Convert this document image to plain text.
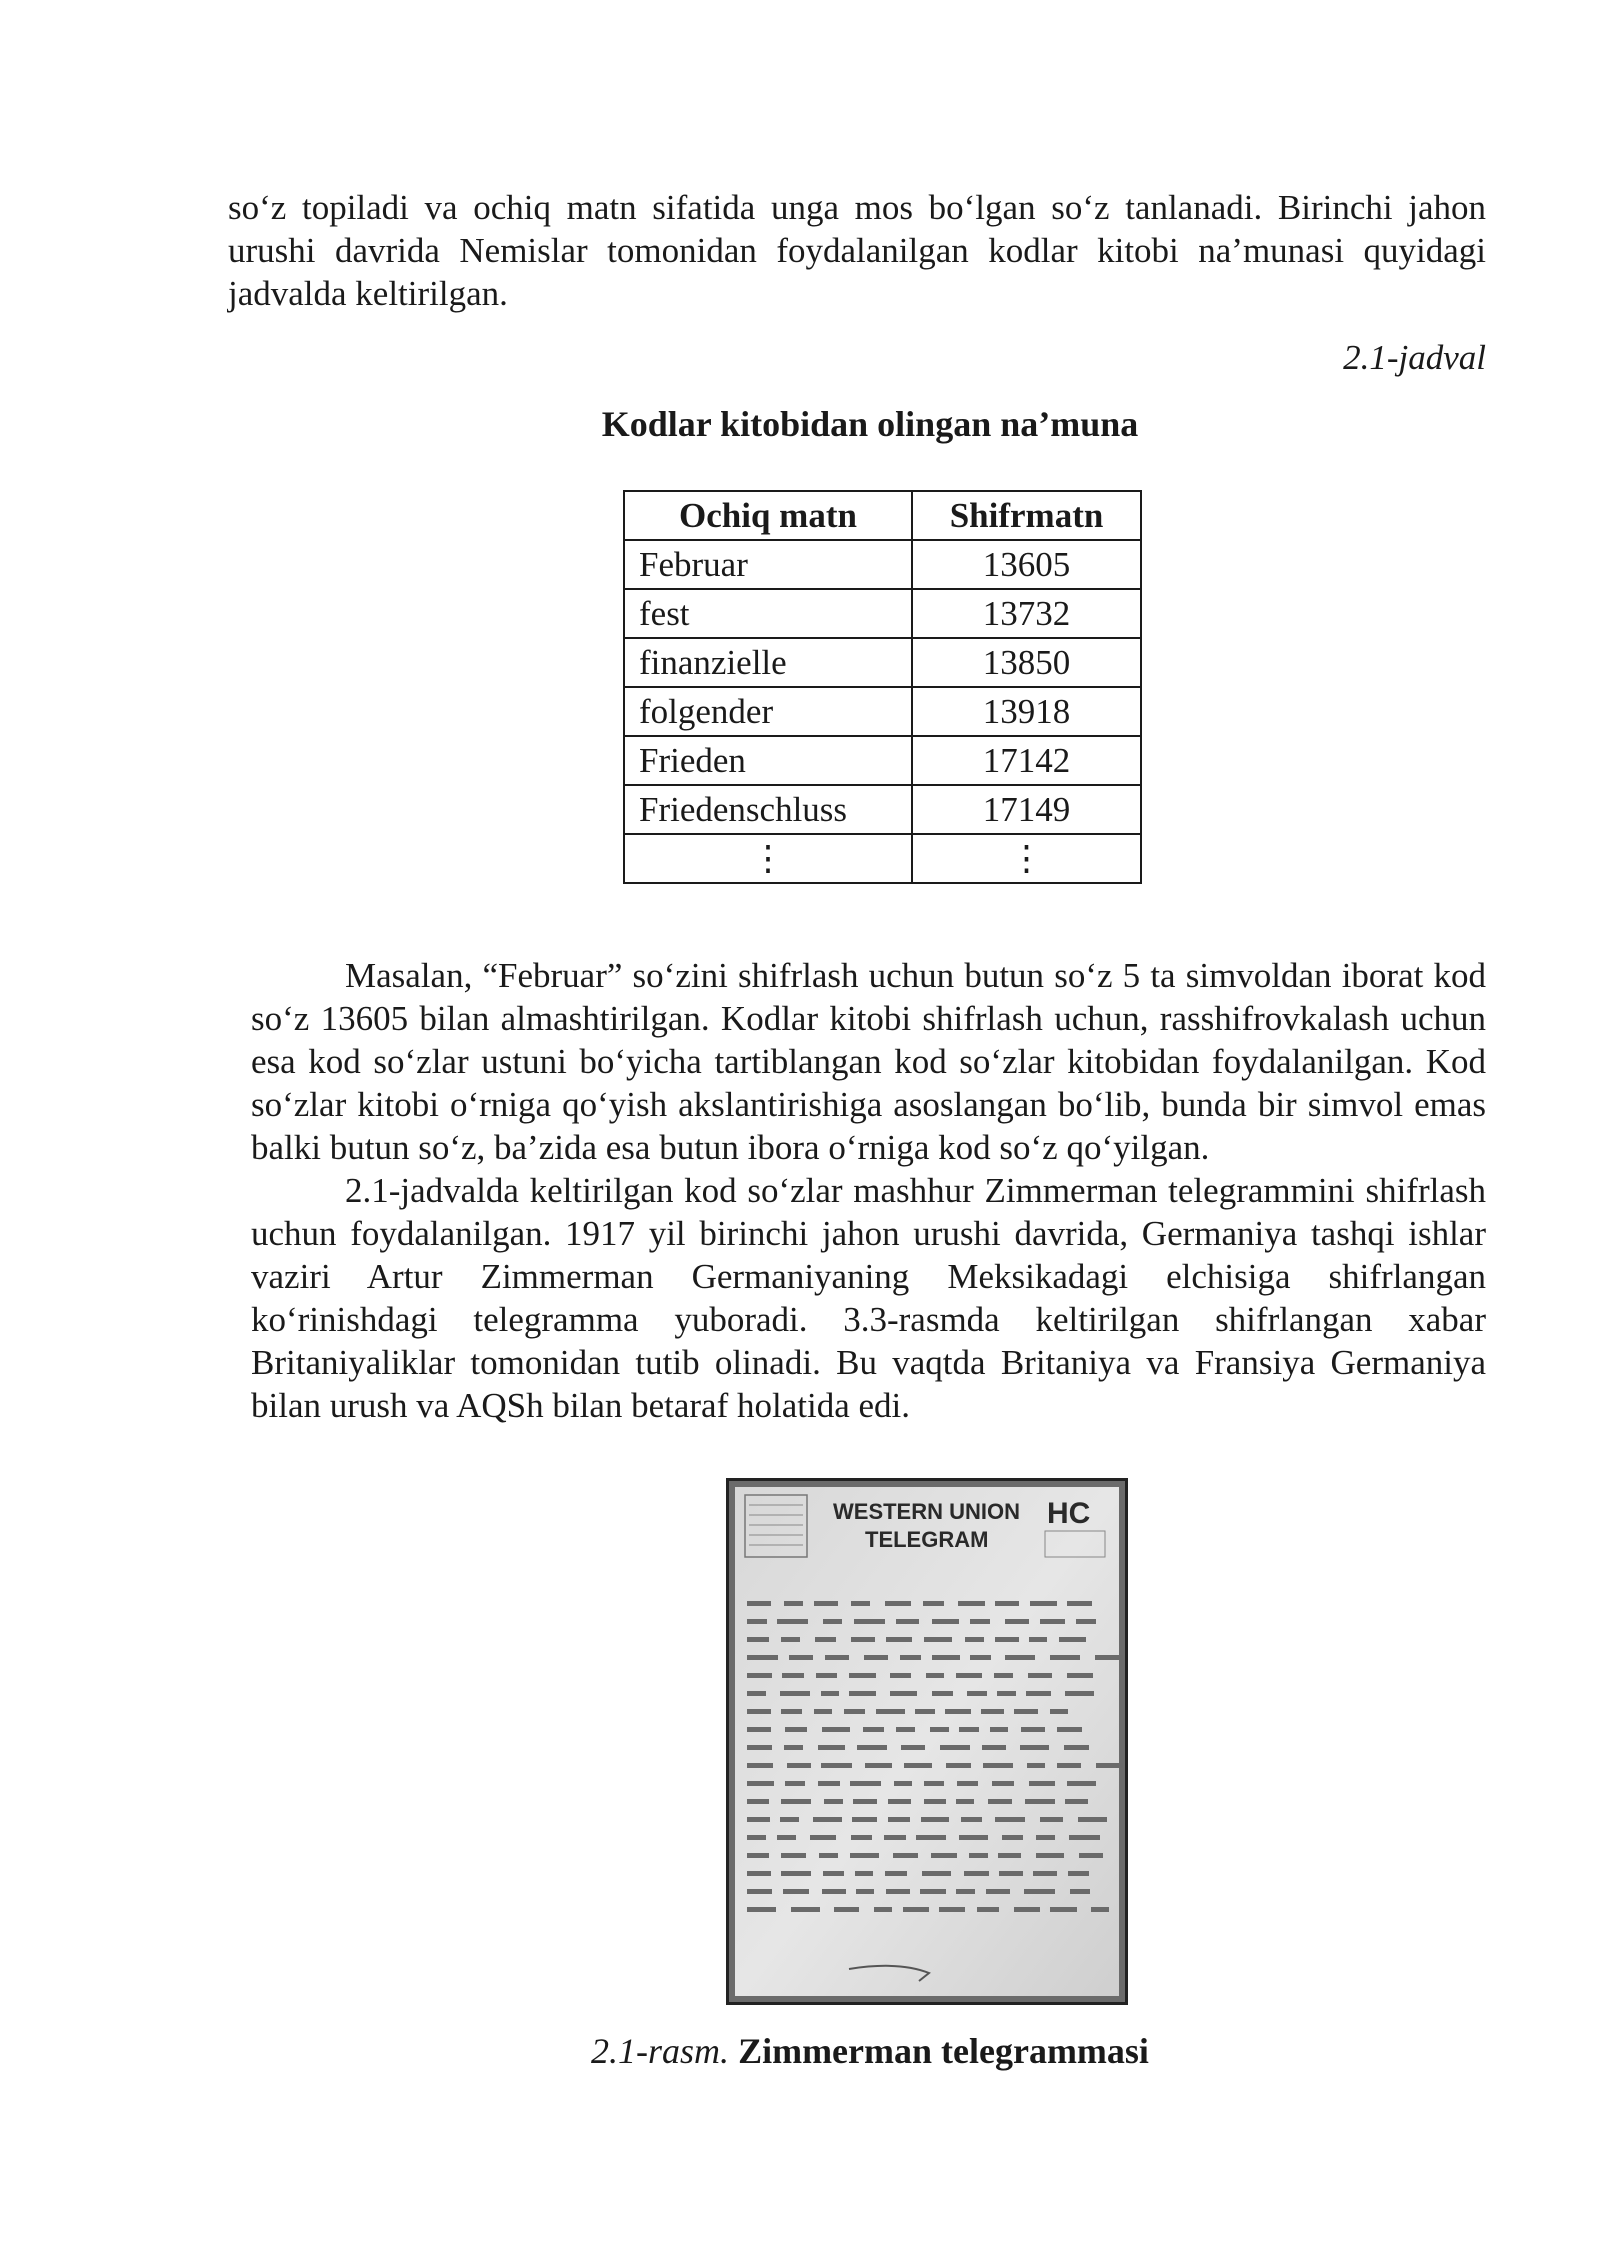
so‘z topiladi va ochiq matn sifatida unga mos bo‘lgan so‘z tanlanadi. Birinchi jahon urushi davrida Nemislar tomonidan foydalanilgan kodlar kitobi na’munasi quyidagi jadvalda keltirilgan.

2.1-jadval
Kodlar kitobidan olingan na’muna
Ochiq matn	Shifrmatn
Februar	13605
fest	13732
finanzielle	13850
folgender	13918
Frieden	17142
Friedenschluss	17149
⋮	⋮
Masalan, “Februar” so‘zini shifrlash uchun butun so‘z 5 ta simvoldan iborat kod so‘z 13605 bilan almashtirilgan. Kodlar kitobi shifrlash uchun, rasshifrovkalash uchun esa kod so‘zlar ustuni bo‘yicha tartiblangan kod so‘zlar kitobidan foydalanilgan. Kod so‘zlar kitobi o‘rniga qo‘yish akslantirishiga asoslangan bo‘lib, bunda bir simvol emas balki butun so‘z, ba’zida esa butun ibora o‘rniga kod so‘z qo‘yilgan.
2.1-jadvalda keltirilgan kod so‘zlar mashhur Zimmerman telegrammini shifrlash uchun foydalanilgan. 1917 yil birinchi jahon urushi davrida, Germaniya tashqi ishlar vaziri Artur Zimmerman Germaniyaning Meksikadagi elchisiga shifrlangan ko‘rinishdagi telegramma yuboradi. 3.3-rasmda keltirilgan shifrlangan xabar Britaniyaliklar tomonidan tutib olinadi. Bu vaqtda Britaniya va Fransiya Germaniya bilan urush va AQSh bilan betaraf holatida edi.
WESTERN UNION
TELEGRAM
HC
2.1-rasm. Zimmerman telegrammasi
